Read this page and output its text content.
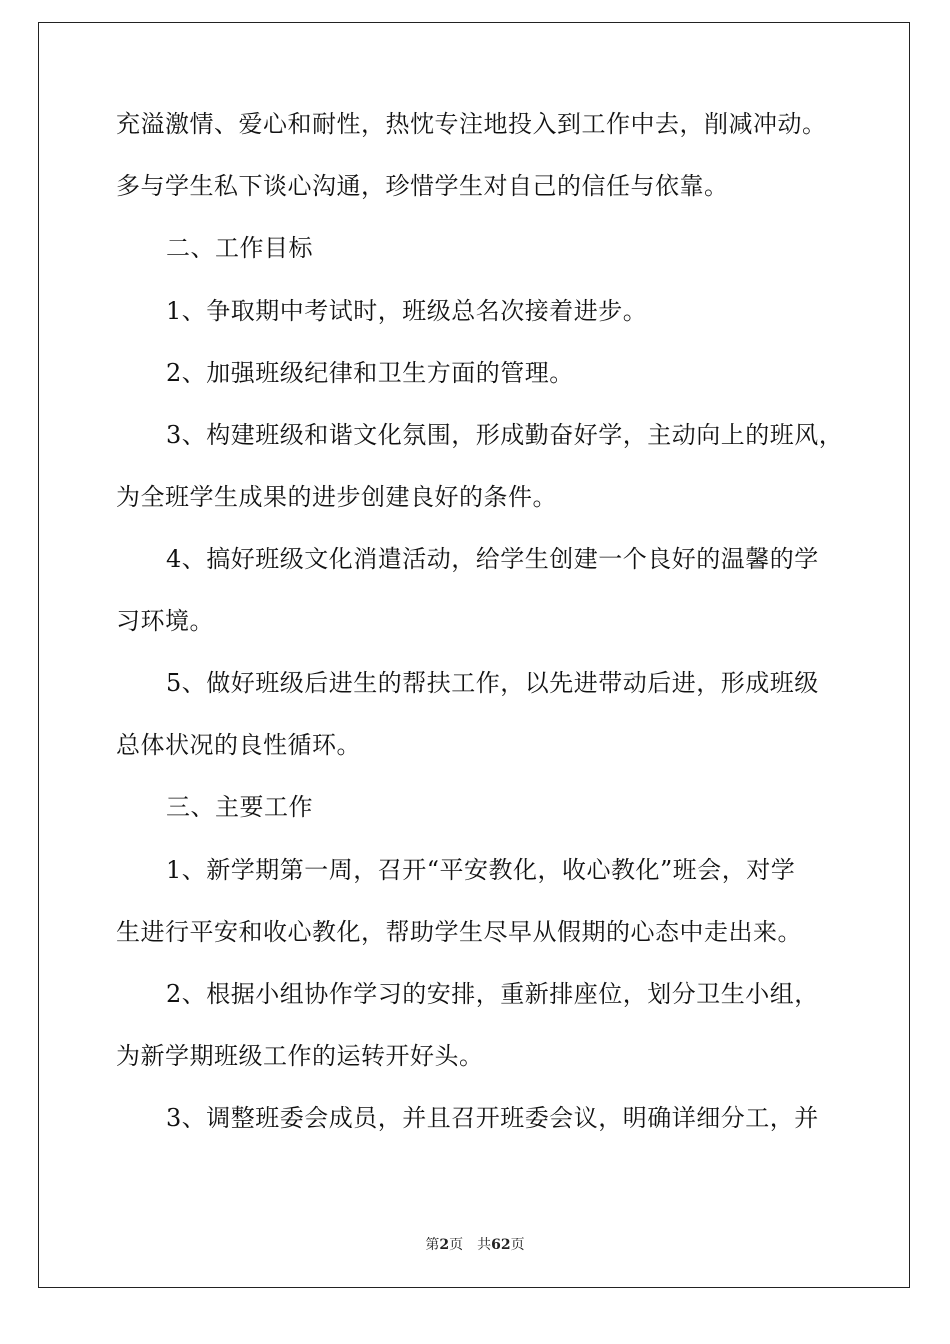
充溢激情、爱心和耐性，热忱专注地投入到工作中去，削减冲动。
多与学生私下谈心沟通，珍惜学生对自己的信任与依靠。
二、工作目标
1、争取期中考试时，班级总名次接着进步。
2、加强班级纪律和卫生方面的管理。
3、构建班级和谐文化氛围，形成勤奋好学，主动向上的班风，
为全班学生成果的进步创建良好的条件。
4、搞好班级文化消遣活动，给学生创建一个良好的温馨的学
习环境。
5、做好班级后进生的帮扶工作，以先进带动后进，形成班级
总体状况的良性循环。
三、主要工作
1、新学期第一周，召开“平安教化，收心教化”班会，对学
生进行平安和收心教化，帮助学生尽早从假期的心态中走出来。
2、根据小组协作学习的安排，重新排座位，划分卫生小组，
为新学期班级工作的运转开好头。
3、调整班委会成员，并且召开班委会议，明确详细分工，并
第2页 共62页
